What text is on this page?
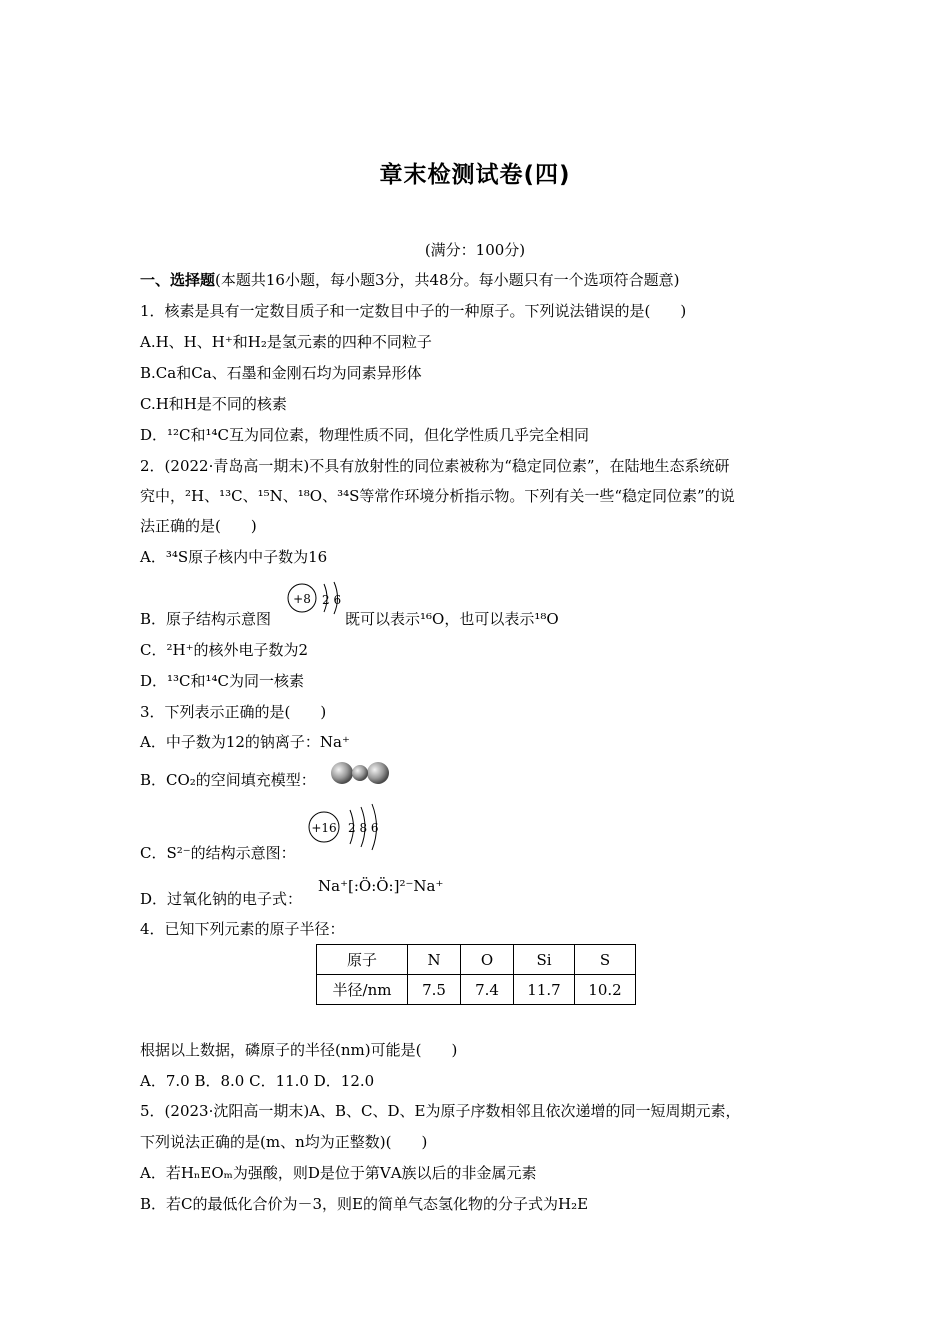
章末检测试卷(四)
(满分：100分)
一、选择题(本题共16小题，每小题3分，共48分。每小题只有一个选项符合题意)
1．核素是具有一定数目质子和一定数目中子的一种原子。下列说法错误的是(　　)
A.H、H、H⁺和H₂是氢元素的四种不同粒子
B.Ca和Ca、石墨和金刚石均为同素异形体
C.H和H是不同的核素
D．¹²C和¹⁴C互为同位素，物理性质不同，但化学性质几乎完全相同
2．(2022·青岛高一期末)不具有放射性的同位素被称为“稳定同位素”，在陆地生态系统研
究中，²H、¹³C、¹⁵N、¹⁸O、³⁴S等常作环境分析指示物。下列有关一些“稳定同位素”的说
法正确的是(　　)
A．³⁴S原子核内中子数为16
B．原子结构示意图
+8 2 6
既可以表示¹⁶O，也可以表示¹⁸O
C．²H⁺的核外电子数为2
D．¹³C和¹⁴C为同一核素
3．下列表示正确的是(　　)
A．中子数为12的钠离子：Na⁺
B．CO₂的空间填充模型：
C．S²⁻的结构示意图：
+16 2 8 6
D．过氧化钠的电子式：
Na⁺[:Ö:Ö:]²⁻Na⁺
4．已知下列元素的原子半径：
原子	N	O	Si	S
半径/nm	7.5	7.4	11.7	10.2
根据以上数据，磷原子的半径(nm)可能是(　　)
A．7.0 B．8.0 C．11.0 D．12.0
5．(2023·沈阳高一期末)A、B、C、D、E为原子序数相邻且依次递增的同一短周期元素，
下列说法正确的是(m、n均为正整数)(　　)
A．若HₙEOₘ为强酸，则D是位于第ⅤA族以后的非金属元素
B．若C的最低化合价为－3，则E的简单气态氢化物的分子式为H₂E
